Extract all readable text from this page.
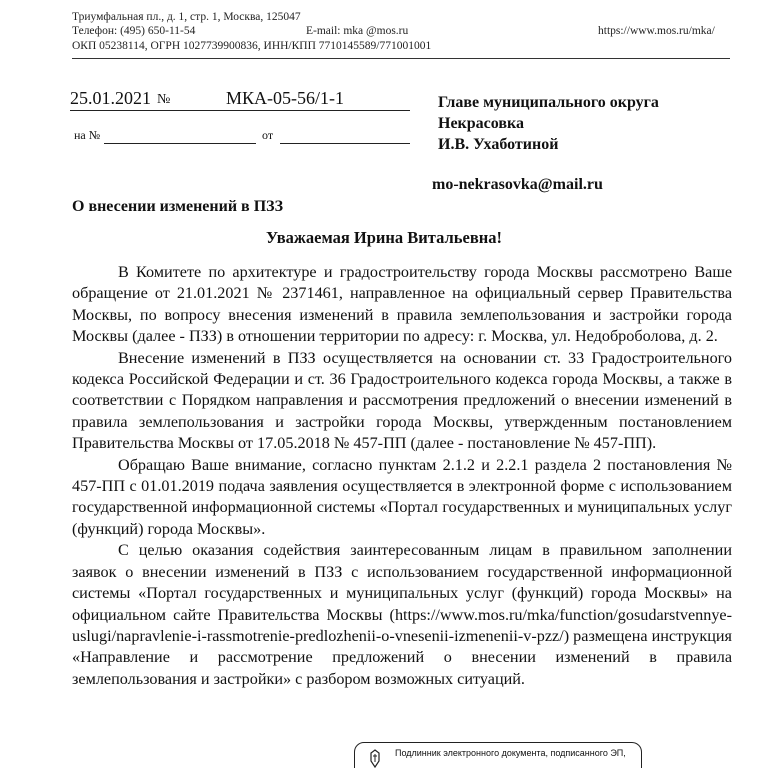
Триумфальная пл., д. 1, стр. 1, Москва, 125047
Телефон: (495) 650-11-54	E-mail: mka @mos.ru	https://www.mos.ru/mka/
ОКП 05238114, ОГРН 1027739900836, ИНН/КПП 7710145589/771001001
25.01.2021 №	МКА-05-56/1-1
на №	от
Главе муниципального округа
Некрасовка
И.В. Ухаботиной
mo-nekrasovka@mail.ru
О внесении изменений в ПЗЗ
Уважаемая Ирина Витальевна!

В Комитете по архитектуре и градостроительству города Москвы рассмотрено Ваше обращение от 21.01.2021 № 2371461, направленное на официальный сервер Правительства Москвы, по вопросу внесения изменений в правила землепользования и застройки города Москвы (далее - ПЗЗ) в отношении территории по адресу: г. Москва, ул. Недоброболова, д. 2.

Внесение изменений в ПЗЗ осуществляется на основании ст. 33 Градостроительного кодекса Российской Федерации и ст. 36 Градостроительного кодекса города Москвы, а также в соответствии с Порядком направления и рассмотрения предложений о внесении изменений в правила землепользования и застройки города Москвы, утвержденным постановлением Правительства Москвы от 17.05.2018 № 457-ПП (далее - постановление № 457-ПП).

Обращаю Ваше внимание, согласно пунктам 2.1.2 и 2.2.1 раздела 2 постановления № 457-ПП с 01.01.2019 подача заявления осуществляется в электронной форме с использованием государственной информационной системы «Портал государственных и муниципальных услуг (функций) города Москвы».

С целью оказания содействия заинтересованным лицам в правильном заполнении заявок о внесении изменений в ПЗЗ с использованием государственной информационной системы «Портал государственных и муниципальных услуг (функций) города Москвы» на официальном сайте Правительства Москвы (https://www.mos.ru/mka/function/gosudarstvennye-uslugi/napravlenie-i-rassmotrenie-predlozhenii-o-vnesenii-izmenenii-v-pzz/) размещена инструкция «Направление и рассмотрение предложений о внесении изменений в правила землепользования и застройки» с разбором возможных ситуаций.

Подлинник электронного документа, подписанного ЭП,
